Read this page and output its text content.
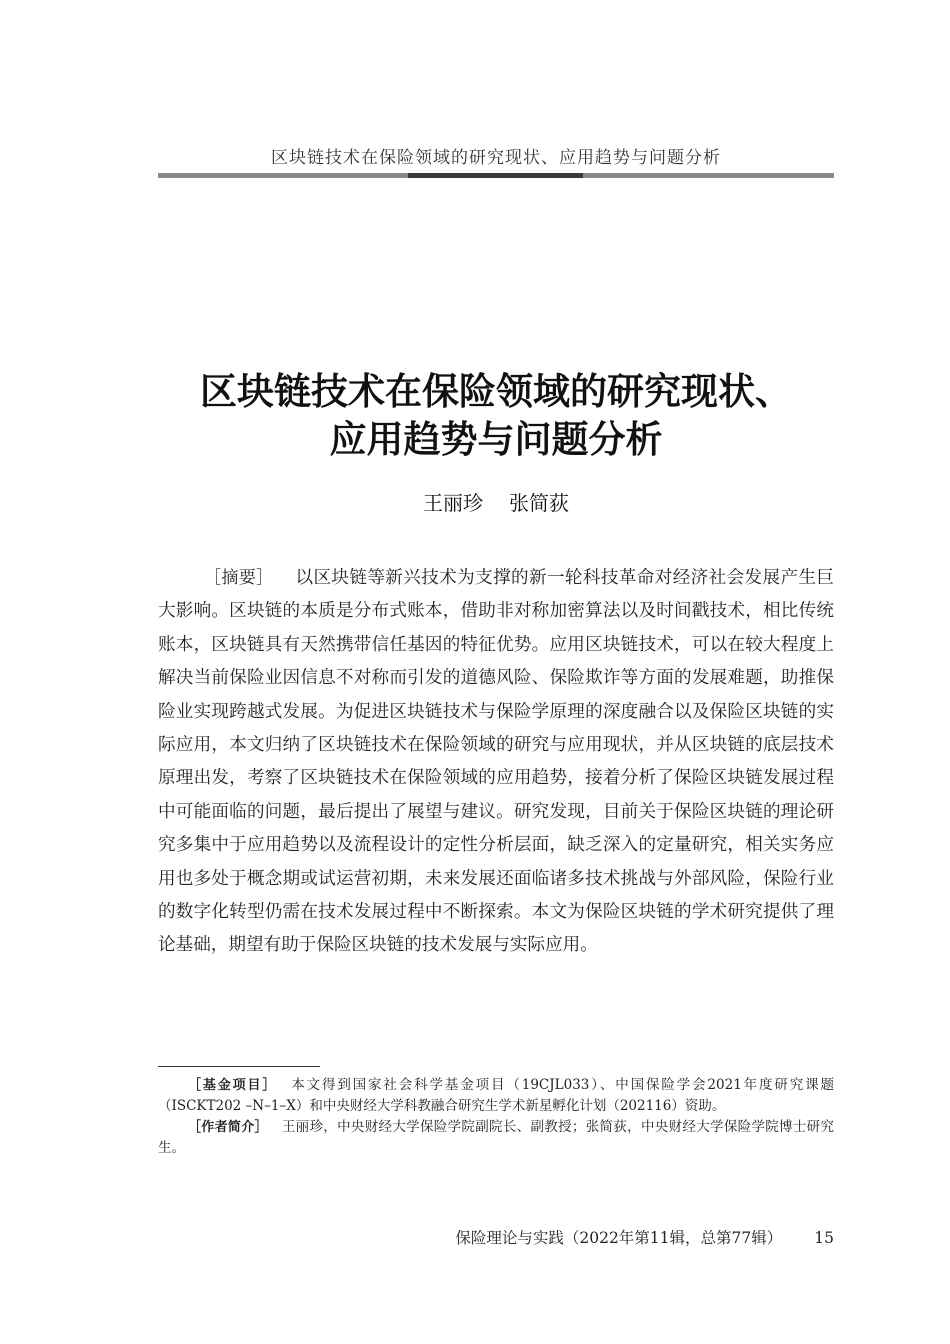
区块链技术在保险领域的研究现状、应用趋势与问题分析
区块链技术在保险领域的研究现状、
应用趋势与问题分析
王丽珍 张简荻
［摘要］ 以区块链等新兴技术为支撑的新一轮科技革命对经济社会发展产生巨大影响。区块链的本质是分布式账本，借助非对称加密算法以及时间戳技术，相比传统账本，区块链具有天然携带信任基因的特征优势。应用区块链技术，可以在较大程度上解决当前保险业因信息不对称而引发的道德风险、保险欺诈等方面的发展难题，助推保险业实现跨越式发展。为促进区块链技术与保险学原理的深度融合以及保险区块链的实际应用，本文归纳了区块链技术在保险领域的研究与应用现状，并从区块链的底层技术原理出发，考察了区块链技术在保险领域的应用趋势，接着分析了保险区块链发展过程中可能面临的问题，最后提出了展望与建议。研究发现，目前关于保险区块链的理论研究多集中于应用趋势以及流程设计的定性分析层面，缺乏深入的定量研究，相关实务应用也多处于概念期或试运营初期，未来发展还面临诸多技术挑战与外部风险，保险行业的数字化转型仍需在技术发展过程中不断探索。本文为保险区块链的学术研究提供了理论基础，期望有助于保险区块链的技术发展与实际应用。

［基金项目］ 本文得到国家社会科学基金项目（19CJL033）、中国保险学会2021年度研究课题（ISCKT202 –N–1–X）和中央财经大学科教融合研究生学术新星孵化计划（202116）资助。

［作者简介］ 王丽珍，中央财经大学保险学院副院长、副教授；张简荻，中央财经大学保险学院博士研究生。

保险理论与实践（2022年第11辑，总第77辑） 15
